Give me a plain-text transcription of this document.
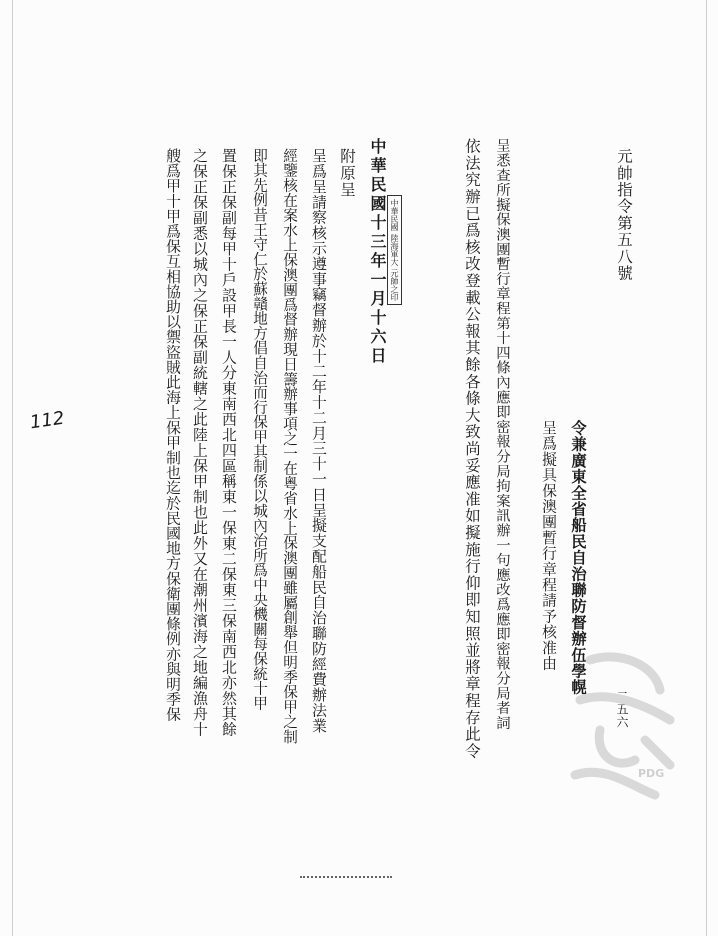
二五六
元帥指令第五八號
令兼廣東全省船民自治聯防督辦伍學幌
呈爲擬具保澳團暫行章程請予核准由
呈悉查所擬保澳團暫行章程第十四條內應即密報分局拘案訊辦一句應改爲應即密報分局者詞
依法究辦已爲核改登載公報其餘各條大致尚妥應准如擬施行仰即知照並將章程存此令
中華民國
陸海軍大
元帥之印
中華民國十三年一月十六日
附原呈
呈爲呈請察核示遵事竊督辦於十二年十二月三十一日呈擬支配船民自治聯防經費辦法業
經鑒核在案水上保澳團爲督辦現日籌辦事項之一在粵省水上保澳團雖屬創舉但明季保甲之制
即其先例昔王守仁於蘇贛地方倡自治而行保甲其制係以城內治所爲中央機關每保統十甲
置保正保副每甲十戶設甲長一人分東南西北四區稱東一保東二保東三保南西北亦然其餘
之保正保副悉以城內之保正保副統轄之此陸上保甲制也此外又在潮州濱海之地編漁舟十
艘爲甲十甲爲保互相協助以禦盜賊此海上保甲制也迄於民國地方保衛團條例亦與明季保
112
PDG
